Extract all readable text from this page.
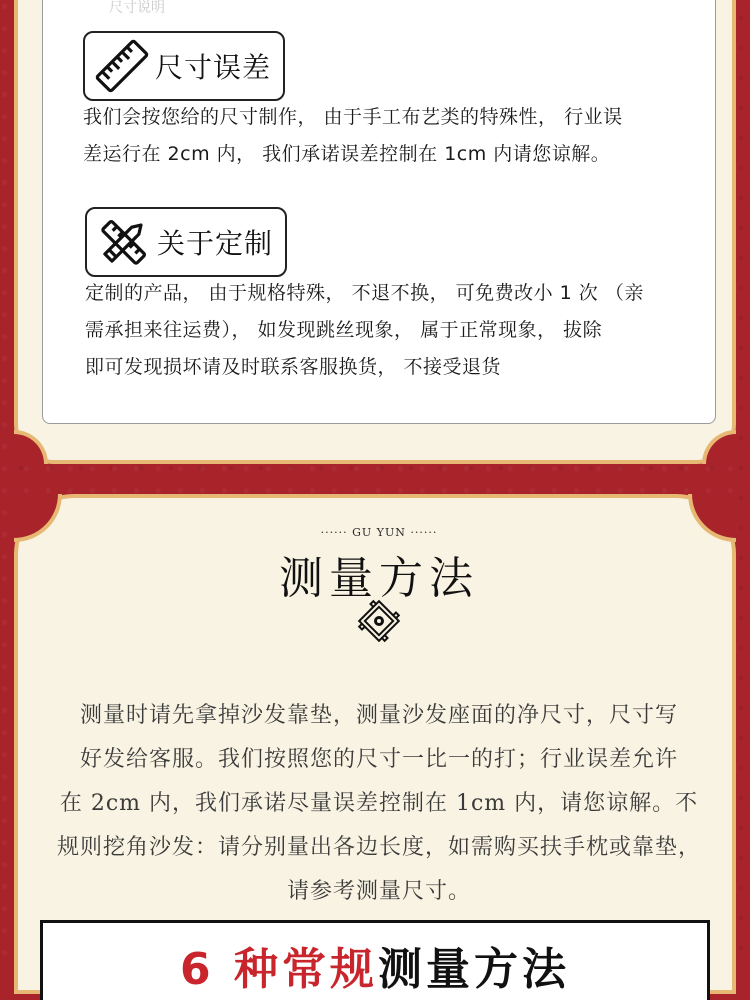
尺寸说明
尺寸误差
我们会按您给的尺寸制作， 由于手工布艺类的特殊性， 行业误
差运行在 2cm 内， 我们承诺误差控制在 1cm 内请您谅解。
关于定制
定制的产品， 由于规格特殊， 不退不换， 可免费改小 1 次 （亲
需承担来往运费）， 如发现跳丝现象， 属于正常现象， 拔除
即可发现损坏请及时联系客服换货， 不接受退货
······ GU YUN ······
测量方法
测量时请先拿掉沙发靠垫，测量沙发座面的净尺寸，尺寸写
好发给客服。我们按照您的尺寸一比一的打；行业误差允许
在 2cm 内，我们承诺尽量误差控制在 1cm 内，请您谅解。不
规则挖角沙发：请分别量出各边长度，如需购买扶手枕或靠垫，
请参考测量尺寸。
6 种常规测量方法
